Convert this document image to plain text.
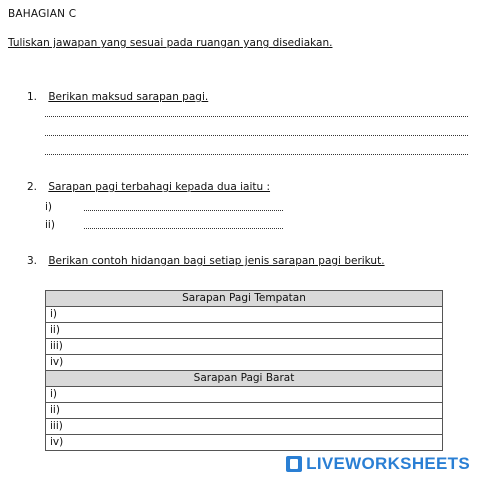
BAHAGIAN C
Tuliskan jawapan yang sesuai pada ruangan yang disediakan.
1. Berikan maksud sarapan pagi.
2. Sarapan pagi terbahagi kepada dua iaitu :
i)
ii)
3. Berikan contoh hidangan bagi setiap jenis sarapan pagi berikut.
Sarapan Pagi Tempatan
i)
ii)
iii)
iv)
Sarapan Pagi Barat
i)
ii)
iii)
iv)
LIVEWORKSHEETS
